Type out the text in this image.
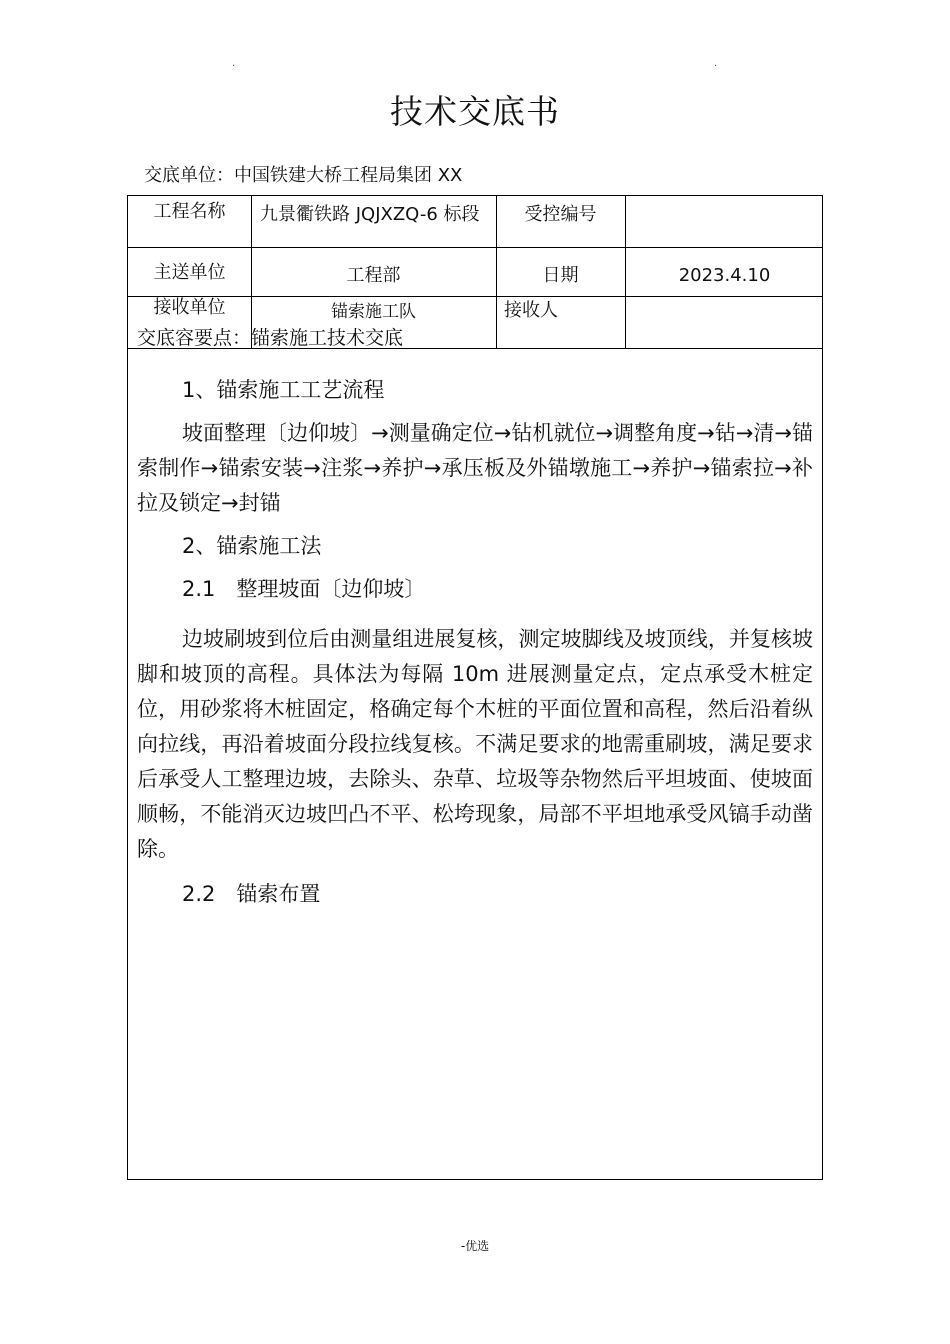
.	.
技术交底书
交底单位：中国铁建大桥工程局集团 XX
工程名称	九景衢铁路 JQJXZQ-6 标段	受控编号
主送单位	工程部	日期	2023.4.10
接收单位	锚索施工队	接收人
交底容要点：锚索施工技术交底

1、锚索施工工艺流程

坡面整理〔边仰坡〕→测量确定位→钻机就位→调整角度→钻→清→锚索制作→锚索安装→注浆→养护→承压板及外锚墩施工→养护→锚索拉→补拉及锁定→封锚

2、锚索施工法

2.1　整理坡面〔边仰坡〕

边坡刷坡到位后由测量组进展复核，测定坡脚线及坡顶线，并复核坡脚和坡顶的高程。具体法为每隔 10m 进展测量定点，定点承受木桩定位，用砂浆将木桩固定，格确定每个木桩的平面位置和高程，然后沿着纵向拉线，再沿着坡面分段拉线复核。不满足要求的地需重刷坡，满足要求后承受人工整理边坡，去除头、杂草、垃圾等杂物然后平坦坡面、使坡面顺畅，不能消灭边坡凹凸不平、松垮现象，局部不平坦地承受风镐手动凿除。

2.2　锚索布置

-优选
